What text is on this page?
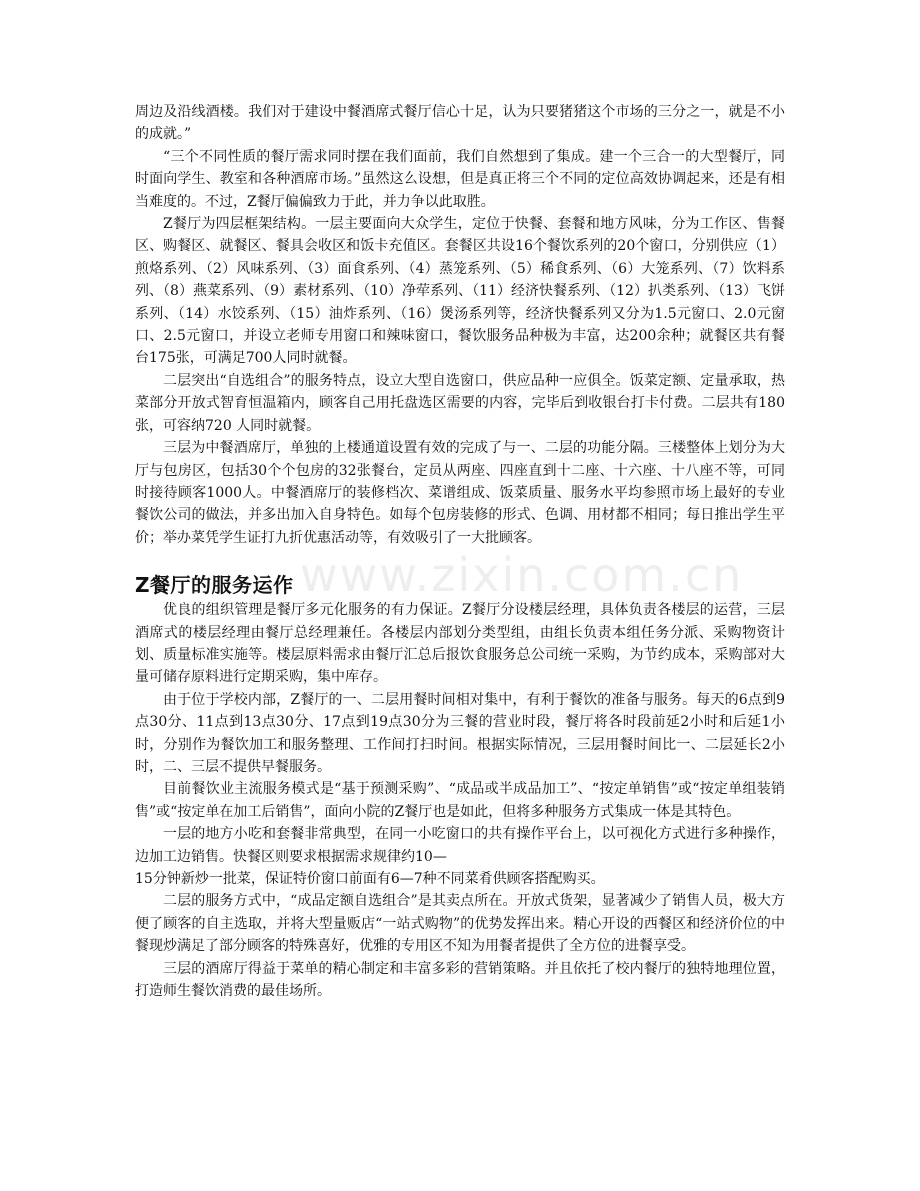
www.zixin.com.cn

周边及沿线酒楼。我们对于建设中餐酒席式餐厅信心十足，认为只要猪猪这个市场的三分之一，就是不小的成就。”

“三个不同性质的餐厅需求同时摆在我们面前，我们自然想到了集成。建一个三合一的大型餐厅，同时面向学生、教室和各种酒席市场。”虽然这么设想，但是真正将三个不同的定位高效协调起来，还是有相当难度的。不过，Z餐厅偏偏致力于此，并力争以此取胜。

Z餐厅为四层框架结构。一层主要面向大众学生，定位于快餐、套餐和地方风味，分为工作区、售餐区、购餐区、就餐区、餐具会收区和饭卡充值区。套餐区共设16个餐饮系列的20个窗口，分别供应（1）煎烙系列、（2）风味系列、（3）面食系列、（4）蒸笼系列、（5）稀食系列、（6）大笼系列、（7）饮料系列、（8）燕菜系列、（9）素材系列、（10）净荦系列、（11）经济快餐系列、（12）扒类系列、（13）飞饼系列、（14）水饺系列、（15）油炸系列、（16）煲汤系列等，经济快餐系列又分为1.5元窗口、2.0元窗口、2.5元窗口，并设立老师专用窗口和辣味窗口，餐饮服务品种极为丰富，达200余种；就餐区共有餐台175张，可满足700人同时就餐。

二层突出“自选组合”的服务特点，设立大型自选窗口，供应品种一应俱全。饭菜定额、定量承取，热菜部分开放式智育恒温箱内，顾客自己用托盘选区需要的内容，完毕后到收银台打卡付费。二层共有180张，可容纳720 人同时就餐。

三层为中餐酒席厅，单独的上楼通道设置有效的完成了与一、二层的功能分隔。三楼整体上划分为大厅与包房区，包括30个个包房的32张餐台，定员从两座、四座直到十二座、十六座、十八座不等，可同时接待顾客1000人。中餐酒席厅的装修档次、菜谱组成、饭菜质量、服务水平均参照市场上最好的专业餐饮公司的做法，并多出加入自身特色。如每个包房装修的形式、色调、用材都不相同；每日推出学生平价；举办菜凭学生证打九折优惠活动等，有效吸引了一大批顾客。

Z餐厅的服务运作

优良的组织管理是餐厅多元化服务的有力保证。Z餐厅分设楼层经理，具体负责各楼层的运营，三层酒席式的楼层经理由餐厅总经理兼任。各楼层内部划分类型组，由组长负责本组任务分派、采购物资计划、质量标准实施等。楼层原料需求由餐厅汇总后报饮食服务总公司统一采购，为节约成本，采购部对大量可储存原料进行定期采购，集中库存。

由于位于学校内部，Z餐厅的一、二层用餐时间相对集中，有利于餐饮的准备与服务。每天的6点到9点30分、11点到13点30分、17点到19点30分为三餐的营业时段，餐厅将各时段前延2小时和后延1小时，分别作为餐饮加工和服务整理、工作间打扫时间。根据实际情况，三层用餐时间比一、二层延长2小时，二、三层不提供早餐服务。

目前餐饮业主流服务模式是“基于预测采购”、“成品或半成品加工”、“按定单销售”或“按定单组装销售”或“按定单在加工后销售”，面向小院的Z餐厅也是如此，但将多种服务方式集成一体是其特色。

一层的地方小吃和套餐非常典型，在同一小吃窗口的共有操作平台上，以可视化方式进行多种操作，边加工边销售。快餐区则要求根据需求规律约10—

15分钟新炒一批菜，保证特价窗口前面有6—7种不同菜肴供顾客搭配购买。

二层的服务方式中，“成品定额自选组合”是其卖点所在。开放式货架，显著减少了销售人员，极大方便了顾客的自主选取，并将大型量贩店“一站式购物”的优势发挥出来。精心开设的西餐区和经济价位的中餐现炒满足了部分顾客的特殊喜好，优雅的专用区不知为用餐者提供了全方位的进餐享受。

三层的酒席厅得益于菜单的精心制定和丰富多彩的营销策略。并且依托了校内餐厅的独特地理位置，打造师生餐饮消费的最佳场所。
